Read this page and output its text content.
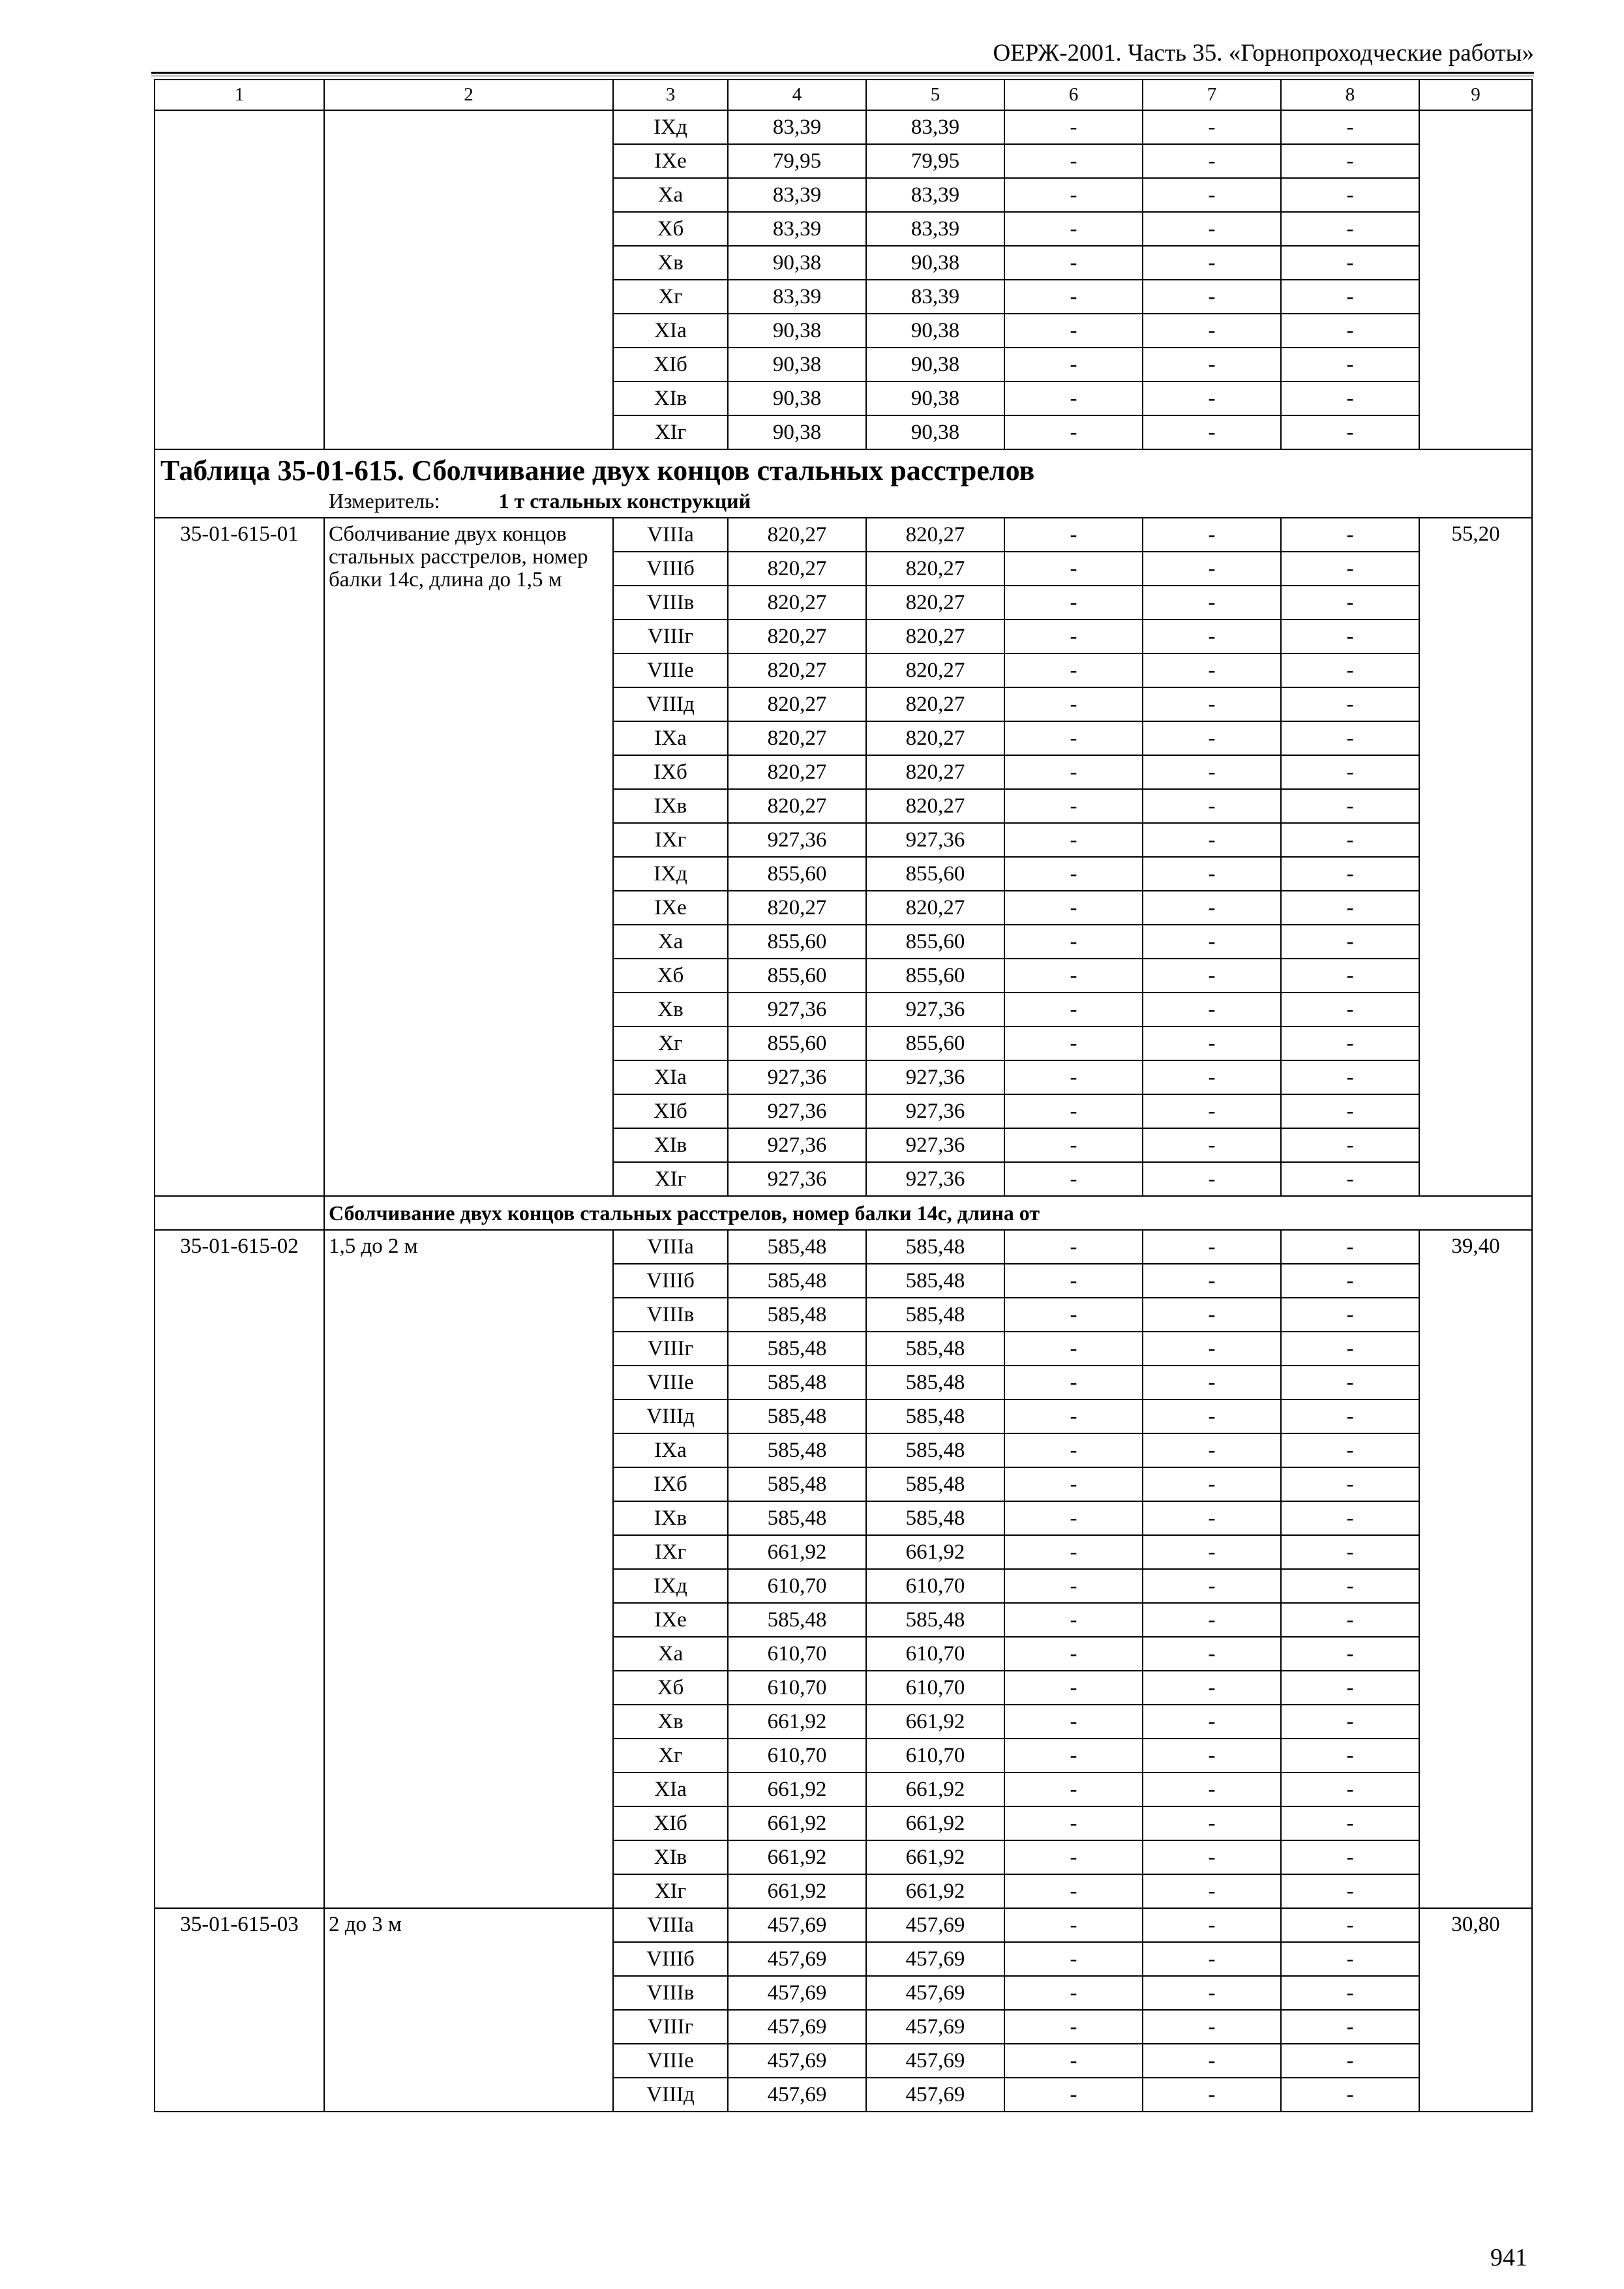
ОЕРЖ-2001. Часть 35. «Горнопроходческие работы»
1	2	3	4	5	6	7	8	9
		IXд	83,39	83,39	-	-	-	
		IXe	79,95	79,95	-	-	-	
		Xa	83,39	83,39	-	-	-	
		Xб	83,39	83,39	-	-	-	
		Xв	90,38	90,38	-	-	-	
		Xг	83,39	83,39	-	-	-	
		XIa	90,38	90,38	-	-	-	
		XIб	90,38	90,38	-	-	-	
		XIв	90,38	90,38	-	-	-	
		XIг	90,38	90,38	-	-	-	

Таблица 35-01-615. Сболчивание двух концов стальных расстрелов
Измеритель: 1 т стальных конструкций								

35-01-615-01	Сболчивание двух концов стальных расстрелов, номер балки 14с, длина до 1,5 м	VIIIa	820,27	820,27	-	-	-	55,20
		VIIIб	820,27	820,27	-	-	-	
		VIIIв	820,27	820,27	-	-	-	
		VIIIг	820,27	820,27	-	-	-	
		VIIIe	820,27	820,27	-	-	-	
		VIIIд	820,27	820,27	-	-	-	
		IXa	820,27	820,27	-	-	-	
		IXб	820,27	820,27	-	-	-	
		IXв	820,27	820,27	-	-	-	
		IXг	927,36	927,36	-	-	-	
		IXд	855,60	855,60	-	-	-	
		IXe	820,27	820,27	-	-	-	
		Xa	855,60	855,60	-	-	-	
		Xб	855,60	855,60	-	-	-	
		Xв	927,36	927,36	-	-	-	
		Xг	855,60	855,60	-	-	-	
		XIa	927,36	927,36	-	-	-	
		XIб	927,36	927,36	-	-	-	
		XIв	927,36	927,36	-	-	-	
		XIг	927,36	927,36	-	-	-	
	Сболчивание двух концов стальных расстрелов, номер балки 14с, длина от							
35-01-615-02	1,5 до 2 м	VIIIa	585,48	585,48	-	-	-	39,40
		VIIIб	585,48	585,48	-	-	-	
		VIIIв	585,48	585,48	-	-	-	
		VIIIг	585,48	585,48	-	-	-	
		VIIIe	585,48	585,48	-	-	-	
		VIIIд	585,48	585,48	-	-	-	
		IXa	585,48	585,48	-	-	-	
		IXб	585,48	585,48	-	-	-	
		IXв	585,48	585,48	-	-	-	
		IXг	661,92	661,92	-	-	-	
		IXд	610,70	610,70	-	-	-	
		IXe	585,48	585,48	-	-	-	
		Xa	610,70	610,70	-	-	-	
		Xб	610,70	610,70	-	-	-	
		Xв	661,92	661,92	-	-	-	
		Xг	610,70	610,70	-	-	-	
		XIa	661,92	661,92	-	-	-	
		XIб	661,92	661,92	-	-	-	
		XIв	661,92	661,92	-	-	-	
		XIг	661,92	661,92	-	-	-	
35-01-615-03	2 до 3 м	VIIIa	457,69	457,69	-	-	-	30,80
		VIIIб	457,69	457,69	-	-	-	
		VIIIв	457,69	457,69	-	-	-	
		VIIIг	457,69	457,69	-	-	-	
		VIIIe	457,69	457,69	-	-	-	
		VIIIд	457,69	457,69	-	-	-	
941
